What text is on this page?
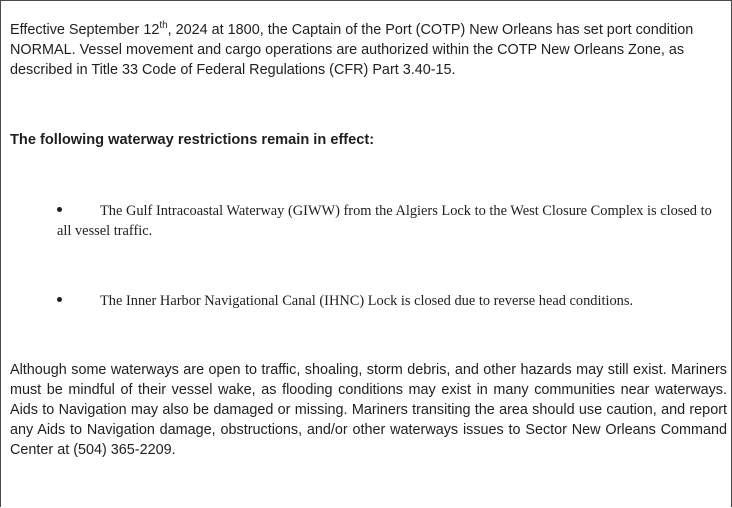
Effective September 12th, 2024 at 1800, the Captain of the Port (COTP) New Orleans has set port condition NORMAL. Vessel movement and cargo operations are authorized within the COTP New Orleans Zone, as described in Title 33 Code of Federal Regulations (CFR) Part 3.40-15.

The following waterway restrictions remain in effect:
The Gulf Intracoastal Waterway (GIWW) from the Algiers Lock to the West Closure Complex is closed to all vessel traffic.
The Inner Harbor Navigational Canal (IHNC) Lock is closed due to reverse head conditions.

Although some waterways are open to traffic, shoaling, storm debris, and other hazards may still exist. Mariners must be mindful of their vessel wake, as flooding conditions may exist in many communities near waterways. Aids to Navigation may also be damaged or missing. Mariners transiting the area should use caution, and report any Aids to Navigation damage, obstructions, and/or other waterways issues to Sector New Orleans Command Center at (504) 365-2209.
